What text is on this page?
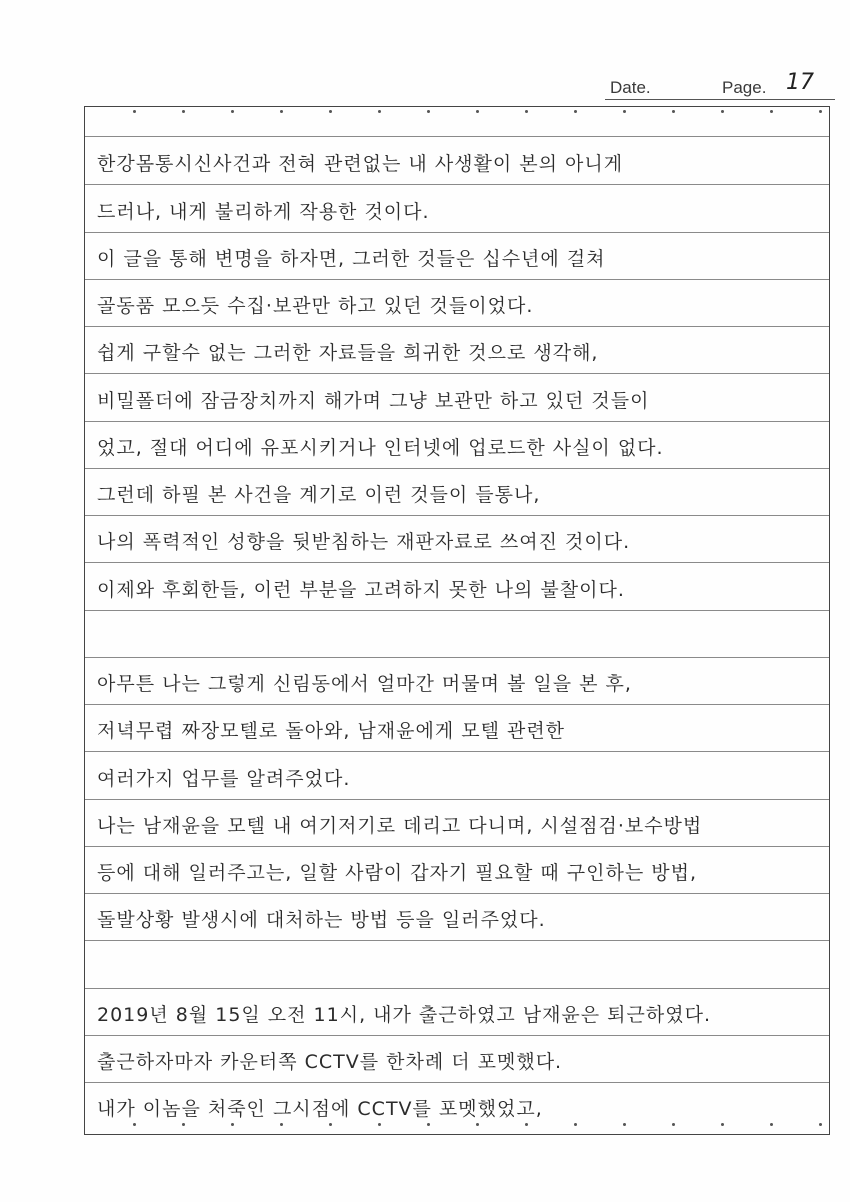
Date.	Page. 17
한강몸통시신사건과 전혀 관련없는 내 사생활이 본의 아니게
드러나, 내게 불리하게 작용한 것이다.
이 글을 통해 변명을 하자면, 그러한 것들은 십수년에 걸쳐
골동품 모으듯 수집·보관만 하고 있던 것들이었다.
쉽게 구할수 없는 그러한 자료들을 희귀한 것으로 생각해,
비밀폴더에 잠금장치까지 해가며 그냥 보관만 하고 있던 것들이
었고, 절대 어디에 유포시키거나 인터넷에 업로드한 사실이 없다.
그런데 하필 본 사건을 계기로 이런 것들이 들통나,
나의 폭력적인 성향을 뒷받침하는 재판자료로 쓰여진 것이다.
이제와 후회한들, 이런 부분을 고려하지 못한 나의 불찰이다.
아무튼 나는 그렇게 신림동에서 얼마간 머물며 볼 일을 본 후,
저녁무렵 짜장모텔로 돌아와, 남재윤에게 모텔 관련한
여러가지 업무를 알려주었다.
나는 남재윤을 모텔 내 여기저기로 데리고 다니며, 시설점검·보수방법
등에 대해 일러주고는, 일할 사람이 갑자기 필요할 때 구인하는 방법,
돌발상황 발생시에 대처하는 방법 등을 일러주었다.
2019년 8월 15일 오전 11시, 내가 출근하였고 남재윤은 퇴근하였다.
출근하자마자 카운터쪽 CCTV를 한차례 더 포멧했다.
내가 이놈을 처죽인 그시점에 CCTV를 포멧했었고,
